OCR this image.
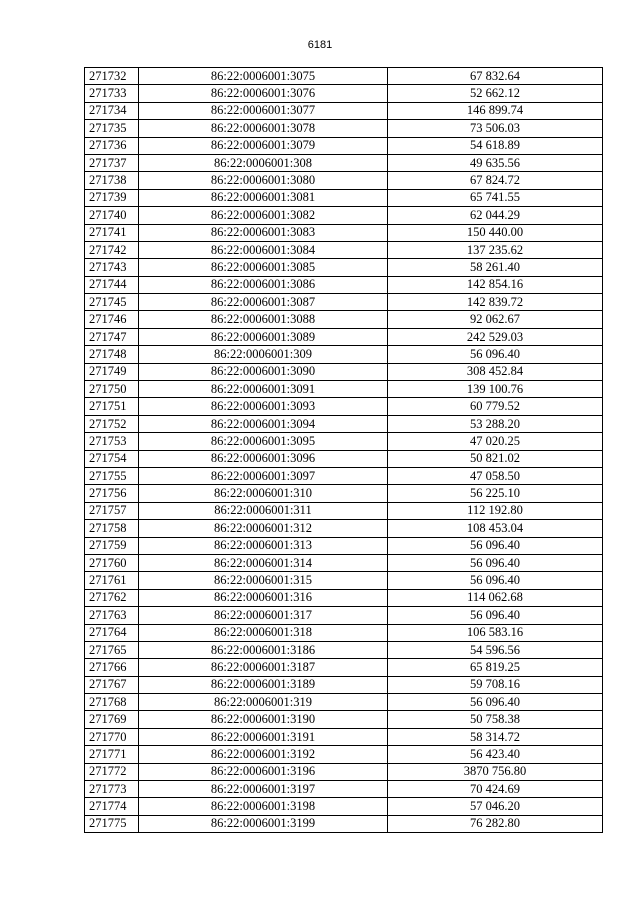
6181
271732	86:22:0006001:3075	67 832.64
271733	86:22:0006001:3076	52 662.12
271734	86:22:0006001:3077	146 899.74
271735	86:22:0006001:3078	73 506.03
271736	86:22:0006001:3079	54 618.89
271737	86:22:0006001:308	49 635.56
271738	86:22:0006001:3080	67 824.72
271739	86:22:0006001:3081	65 741.55
271740	86:22:0006001:3082	62 044.29
271741	86:22:0006001:3083	150 440.00
271742	86:22:0006001:3084	137 235.62
271743	86:22:0006001:3085	58 261.40
271744	86:22:0006001:3086	142 854.16
271745	86:22:0006001:3087	142 839.72
271746	86:22:0006001:3088	92 062.67
271747	86:22:0006001:3089	242 529.03
271748	86:22:0006001:309	56 096.40
271749	86:22:0006001:3090	308 452.84
271750	86:22:0006001:3091	139 100.76
271751	86:22:0006001:3093	60 779.52
271752	86:22:0006001:3094	53 288.20
271753	86:22:0006001:3095	47 020.25
271754	86:22:0006001:3096	50 821.02
271755	86:22:0006001:3097	47 058.50
271756	86:22:0006001:310	56 225.10
271757	86:22:0006001:311	112 192.80
271758	86:22:0006001:312	108 453.04
271759	86:22:0006001:313	56 096.40
271760	86:22:0006001:314	56 096.40
271761	86:22:0006001:315	56 096.40
271762	86:22:0006001:316	114 062.68
271763	86:22:0006001:317	56 096.40
271764	86:22:0006001:318	106 583.16
271765	86:22:0006001:3186	54 596.56
271766	86:22:0006001:3187	65 819.25
271767	86:22:0006001:3189	59 708.16
271768	86:22:0006001:319	56 096.40
271769	86:22:0006001:3190	50 758.38
271770	86:22:0006001:3191	58 314.72
271771	86:22:0006001:3192	56 423.40
271772	86:22:0006001:3196	3870 756.80
271773	86:22:0006001:3197	70 424.69
271774	86:22:0006001:3198	57 046.20
271775	86:22:0006001:3199	76 282.80
